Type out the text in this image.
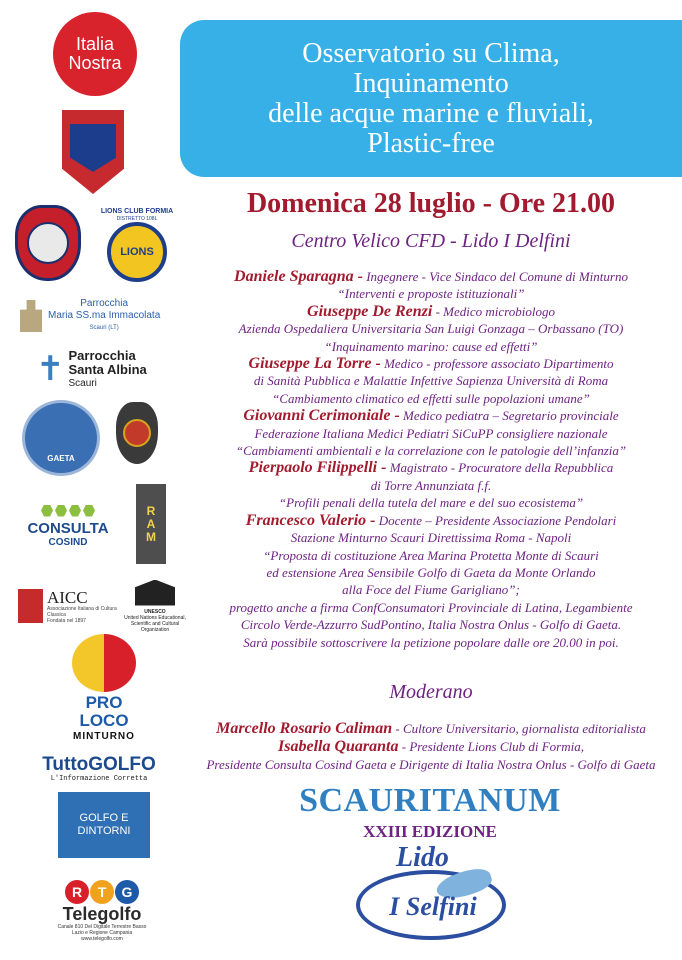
Italia
Nostra
LIONS CLUB FORMIA
DISTRETTO 108L
LIONS
Parrocchia
Maria SS.ma Immacolata
Scauri (LT)
✝ Parrocchia
Santa Albina
Scauri
GAETA
CONSULTA
COSIND
R
A
M
AICC
Associazione Italiana di Cultura Classica
Fondata nel 1897
UNESCO
United Nations Educational, Scientific and Cultural Organization
PRO LOCO
MINTURNO
TuttoGOLFO
L'Informazione Corretta
GOLFO E
DINTORNI
R	T	G
Telegolfo
Canale 810 Del Digitale Terrestre Basso Lazio e Regione Campania www.telegolfo.com
Osservatorio su Clima,
Inquinamento
delle acque marine e fluviali,
Plastic-free
Domenica 28 luglio - Ore 21.00
Centro Velico CFD - Lido I Delfini
Daniele Sparagna - Ingegnere - Vice Sindaco del Comune di Minturno
“Interventi e proposte istituzionali”
Giuseppe De Renzi - Medico microbiologo
Azienda Ospedaliera Universitaria San Luigi Gonzaga – Orbassano (TO)
“Inquinamento marino: cause ed effetti”
Giuseppe La Torre - Medico - professore associato Dipartimento
di Sanità Pubblica e Malattie Infettive Sapienza Università di Roma
“Cambiamento climatico ed effetti sulle popolazioni umane”
Giovanni Cerimoniale - Medico pediatra – Segretario provinciale
Federazione Italiana Medici Pediatri SiCuPP consigliere nazionale
“Cambiamenti ambientali e la correlazione con le patologie dell’infanzia”
Pierpaolo Filippelli - Magistrato - Procuratore della Repubblica
di Torre Annunziata f.f.
“Profili penali della tutela del mare e del suo ecosistema”
Francesco Valerio - Docente – Presidente Associazione Pendolari
Stazione Minturno Scauri Direttissima Roma - Napoli
“Proposta di costituzione Area Marina Protetta Monte di Scauri
ed estensione Area Sensibile Golfo di Gaeta da Monte Orlando
alla Foce del Fiume Garigliano”;
progetto anche a firma ConfConsumatori Provinciale di Latina, Legambiente
Circolo Verde-Azzurro SudPontino, Italia Nostra Onlus - Golfo di Gaeta.
Sarà possibile sottoscrivere la petizione popolare dalle ore 20.00 in poi.
Moderano
Marcello Rosario Caliman - Cultore Universitario, giornalista editorialista
Isabella Quaranta - Presidente Lions Club di Formia,
Presidente Consulta Cosind Gaeta e Dirigente di Italia Nostra Onlus - Golfo di Gaeta
SCAURITANUM
XXIII EDIZIONE
Lido
I Selfini
